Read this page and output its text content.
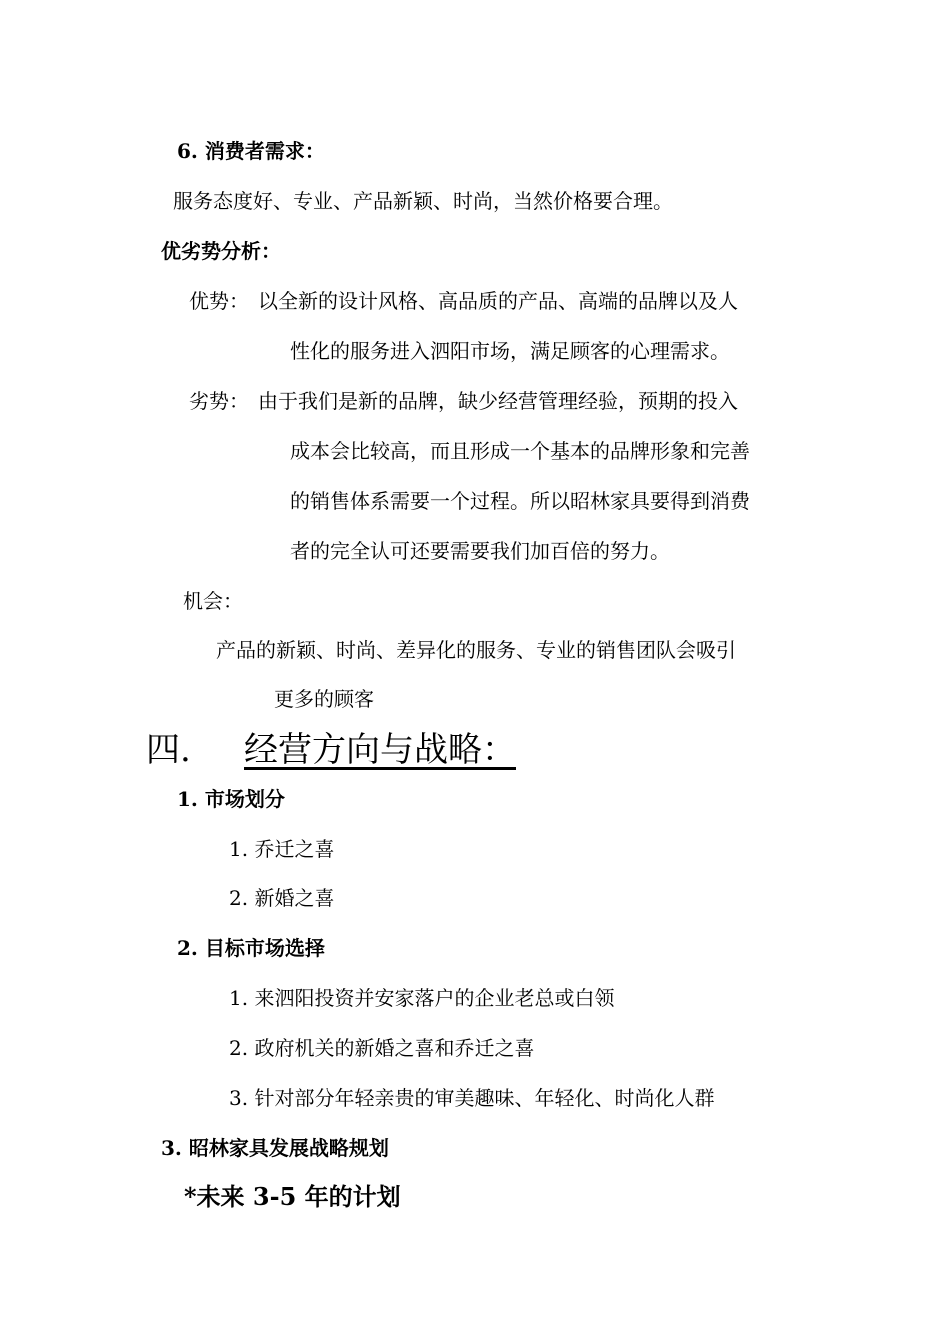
6. 消费者需求：
服务态度好、专业、产品新颖、时尚，当然价格要合理。
优劣势分析：
优势： 以全新的设计风格、高品质的产品、高端的品牌以及人
性化的服务进入泗阳市场，满足顾客的心理需求。
劣势： 由于我们是新的品牌，缺少经营管理经验，预期的投入
成本会比较高，而且形成一个基本的品牌形象和完善
的销售体系需要一个过程。所以昭林家具要得到消费
者的完全认可还要需要我们加百倍的努力。
机会：
产品的新颖、时尚、差异化的服务、专业的销售团队会吸引
更多的顾客
四. 经营方向与战略：
1. 市场划分
1. 乔迁之喜
2. 新婚之喜
2. 目标市场选择
1. 来泗阳投资并安家落户的企业老总或白领
2. 政府机关的新婚之喜和乔迁之喜
3. 针对部分年轻亲贵的审美趣味、年轻化、时尚化人群
3. 昭林家具发展战略规划
*未来 3-5 年的计划
